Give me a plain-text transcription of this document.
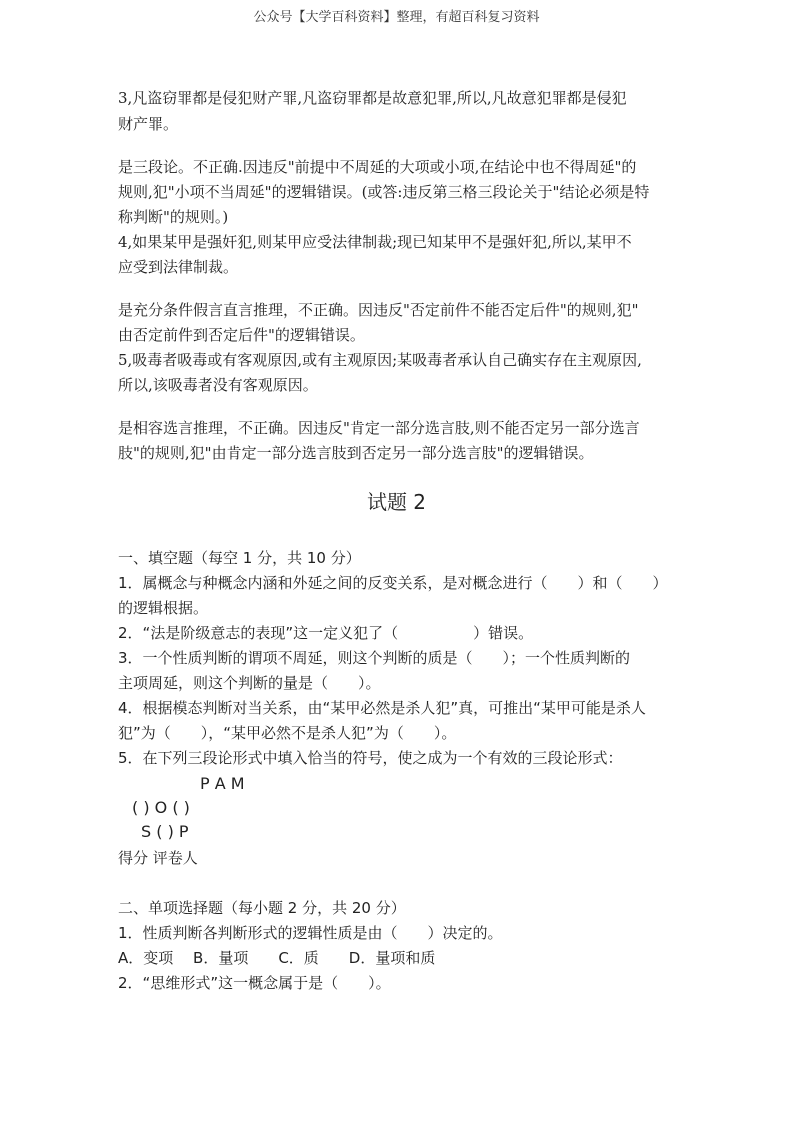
公众号【大学百科资料】整理，有超百科复习资料
3,凡盗窃罪都是侵犯财产罪,凡盗窃罪都是故意犯罪,所以,凡故意犯罪都是侵犯
财产罪。
是三段论。不正确.因违反"前提中不周延的大项或小项,在结论中也不得周延"的
规则,犯"小项不当周延"的逻辑错误。(或答:违反第三格三段论关于"结论必须是特
称判断"的规则。)
4,如果某甲是强奸犯,则某甲应受法律制裁;现已知某甲不是强奸犯,所以,某甲不
应受到法律制裁。
是充分条件假言直言推理，不正确。因违反"否定前件不能否定后件"的规则,犯"
由否定前件到否定后件"的逻辑错误。
5,吸毒者吸毒或有客观原因,或有主观原因;某吸毒者承认自己确实存在主观原因,
所以,该吸毒者没有客观原因。
是相容选言推理，不正确。因违反"肯定一部分选言肢,则不能否定另一部分选言
肢"的规则,犯"由肯定一部分选言肢到否定另一部分选言肢"的逻辑错误。
试题 2
一、填空题（每空 1 分，共 10 分）
1．属概念与种概念内涵和外延之间的反变关系，是对概念进行（　　）和（　　）
的逻辑根据。
2．“法是阶级意志的表现”这一定义犯了（　　　　　）错误。
3．一个性质判断的谓项不周延，则这个判断的质是（　　）；一个性质判断的
主项周延，则这个判断的量是（　　）。
4．根据模态判断对当关系，由“某甲必然是杀人犯”真，可推出“某甲可能是杀人
犯”为（　　），“某甲必然不是杀人犯”为（　　）。
5．在下列三段论形式中填入恰当的符号，使之成为一个有效的三段论形式：
P A M
( ) O ( )
S ( ) P
得分 评卷人
二、单项选择题（每小题 2 分，共 20 分）
1．性质判断各判断形式的逻辑性质是由（　　）决定的。
A．变项　 B．量项　　C．质　　D．量项和质
2．“思维形式”这一概念属于是（　　）。
